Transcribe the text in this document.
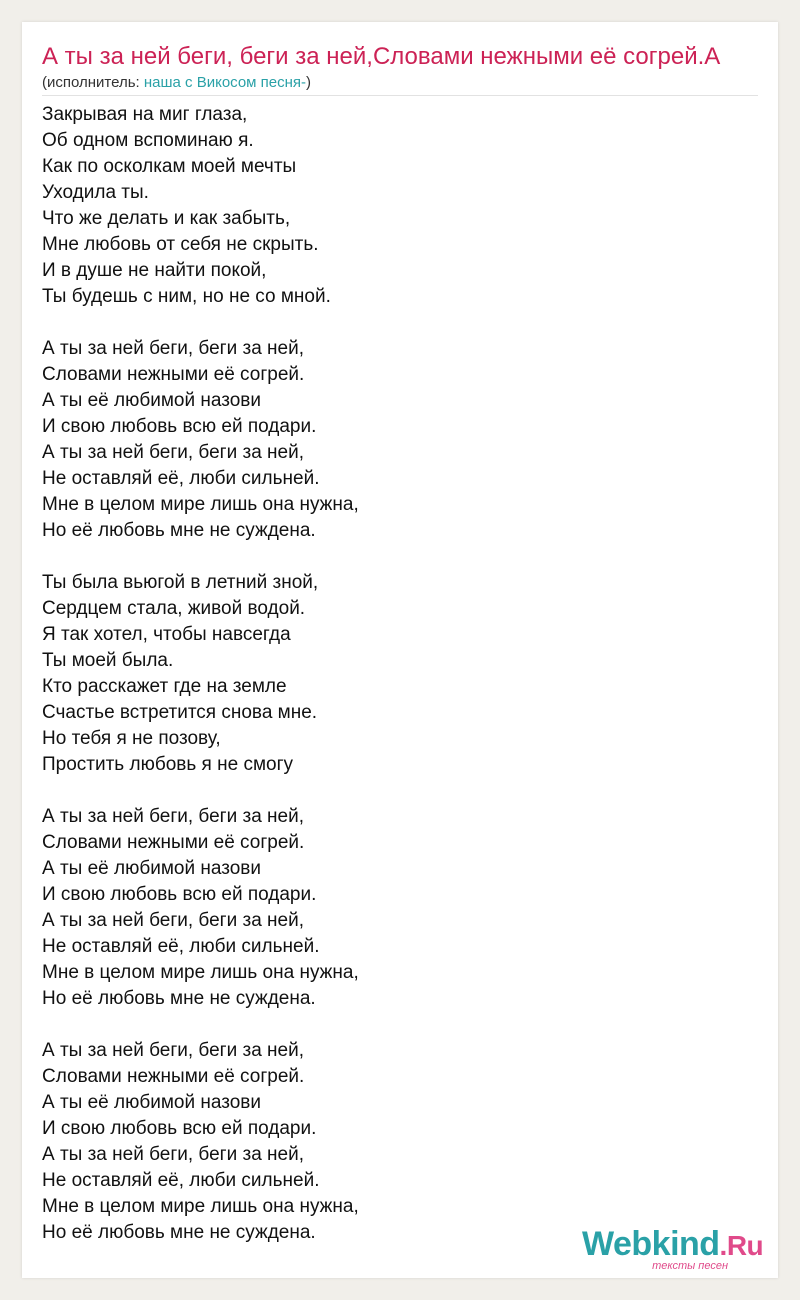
А ты за ней беги, беги за ней,Словами нежными её согрей.А
(исполнитель: наша с Викосом песня-)
Закрывая на миг глаза,
Об одном вспоминаю я.
Как по осколкам моей мечты
Уходила ты.
Что же делать и как забыть,
Мне любовь от себя не скрыть.
И в душе не найти покой,
Ты будешь с ним, но не со мной.
А ты за ней беги, беги за ней,
Словами нежными её согрей.
А ты её любимой назови
И свою любовь всю ей подари.
А ты за ней беги, беги за ней,
Не оставляй её, люби сильней.
Мне в целом мире лишь она нужна,
Но её любовь мне не суждена.
Ты была вьюгой в летний зной,
Сердцем стала, живой водой.
Я так хотел, чтобы навсегда
Ты моей была.
Кто расскажет где на земле
Счастье встретится снова мне.
Но тебя я не позову,
Простить любовь я не смогу
А ты за ней беги, беги за ней,
Словами нежными её согрей.
А ты её любимой назови
И свою любовь всю ей подари.
А ты за ней беги, беги за ней,
Не оставляй её, люби сильней.
Мне в целом мире лишь она нужна,
Но её любовь мне не суждена.
А ты за ней беги, беги за ней,
Словами нежными её согрей.
А ты её любимой назови
И свою любовь всю ей подари.
А ты за ней беги, беги за ней,
Не оставляй её, люби сильней.
Мне в целом мире лишь она нужна,
Но её любовь мне не суждена.	Webkind.Ru
тексты песен
